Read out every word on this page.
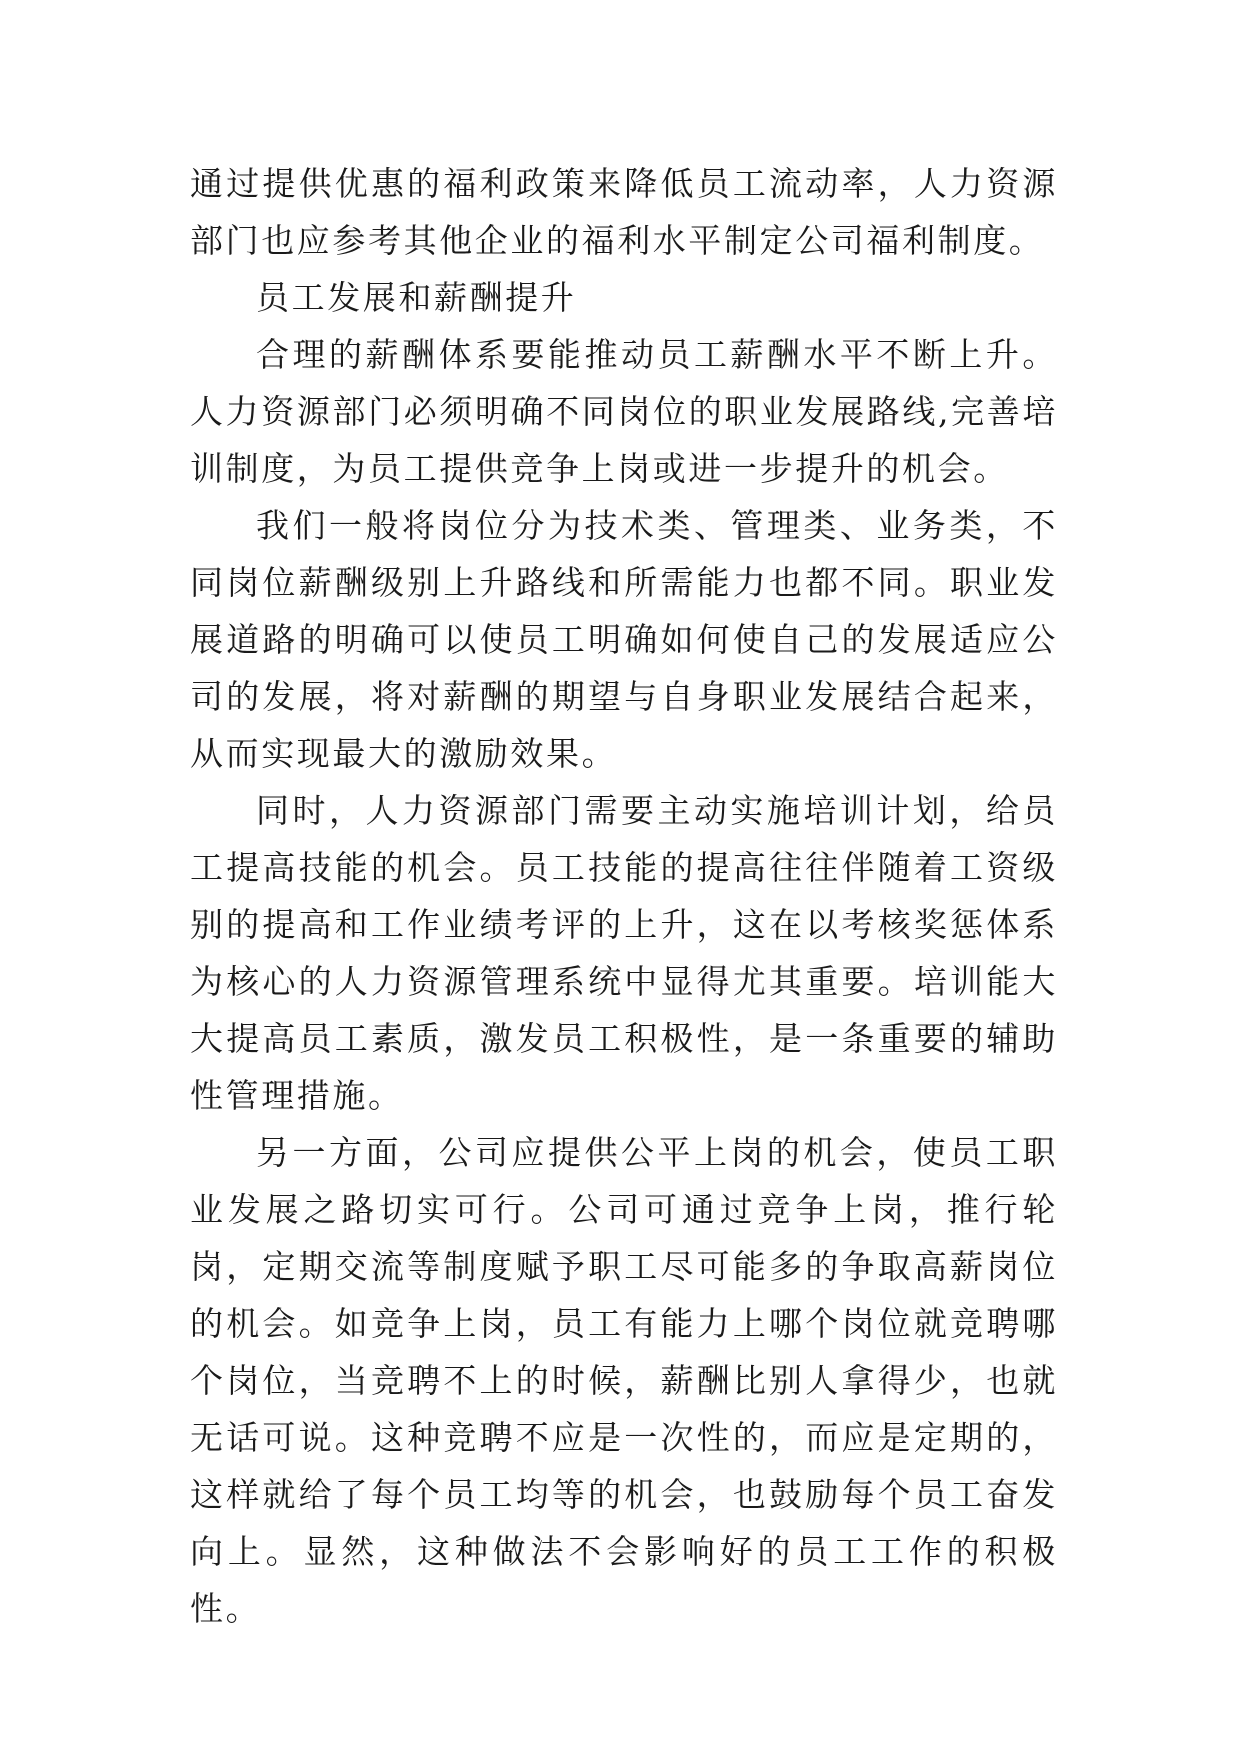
通过提供优惠的福利政策来降低员工流动率，人力资源部门也应参考其他企业的福利水平制定公司福利制度。

员工发展和薪酬提升

合理的薪酬体系要能推动员工薪酬水平不断上升。人力资源部门必须明确不同岗位的职业发展路线,完善培训制度，为员工提供竞争上岗或进一步提升的机会。

我们一般将岗位分为技术类、管理类、业务类，不同岗位薪酬级别上升路线和所需能力也都不同。职业发展道路的明确可以使员工明确如何使自己的发展适应公司的发展，将对薪酬的期望与自身职业发展结合起来，从而实现最大的激励效果。

同时，人力资源部门需要主动实施培训计划，给员工提高技能的机会。员工技能的提高往往伴随着工资级别的提高和工作业绩考评的上升，这在以考核奖惩体系为核心的人力资源管理系统中显得尤其重要。培训能大大提高员工素质，激发员工积极性，是一条重要的辅助性管理措施。

另一方面，公司应提供公平上岗的机会，使员工职业发展之路切实可行。公司可通过竞争上岗，推行轮岗，定期交流等制度赋予职工尽可能多的争取高薪岗位的机会。如竞争上岗，员工有能力上哪个岗位就竞聘哪个岗位，当竞聘不上的时候，薪酬比别人拿得少，也就无话可说。这种竞聘不应是一次性的，而应是定期的，这样就给了每个员工均等的机会，也鼓励每个员工奋发向上。显然，这种做法不会影响好的员工工作的积极性。
